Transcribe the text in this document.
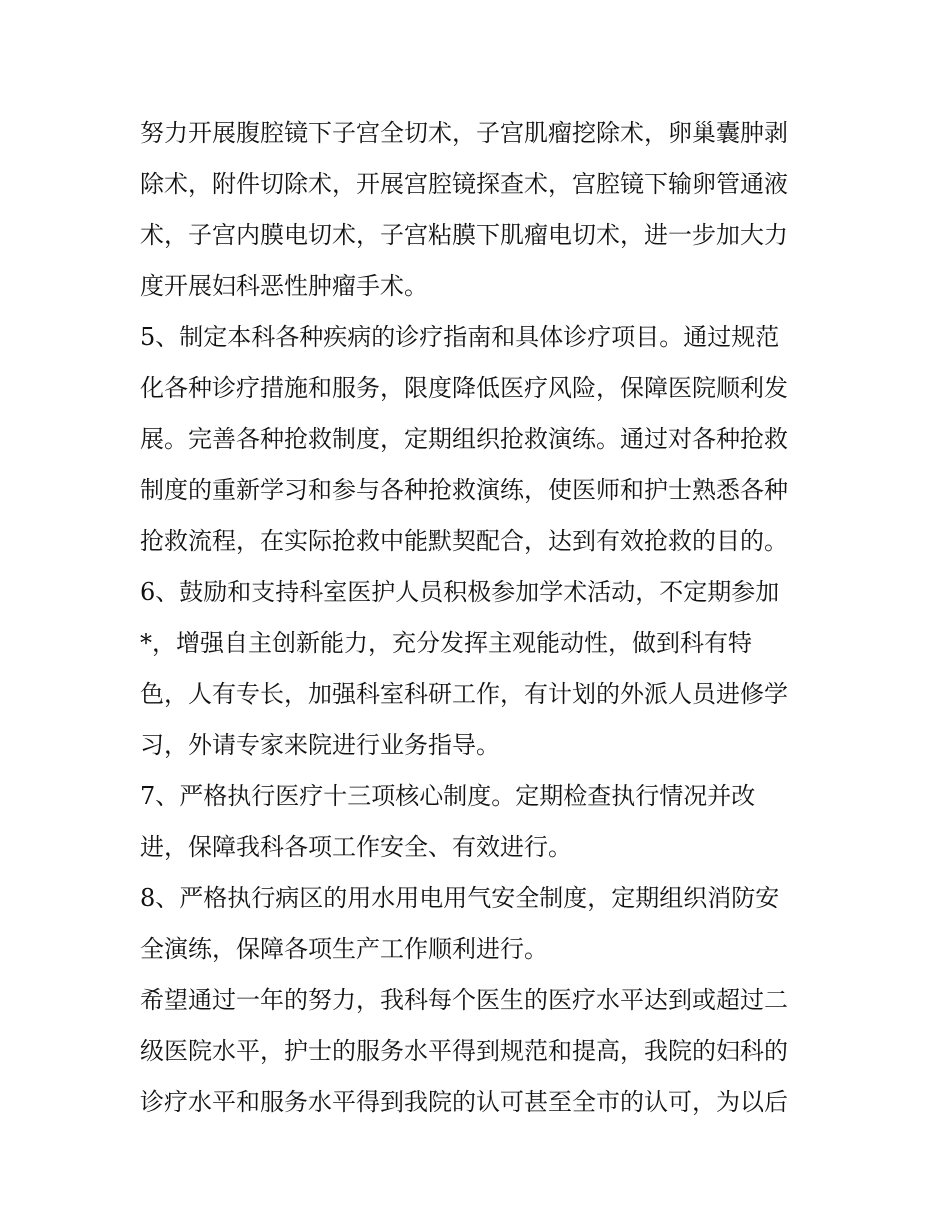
努力开展腹腔镜下子宫全切术，子宫肌瘤挖除术，卵巢囊肿剥
除术，附件切除术，开展宫腔镜探查术，宫腔镜下输卵管通液
术，子宫内膜电切术，子宫粘膜下肌瘤电切术，进一步加大力
度开展妇科恶性肿瘤手术。
5、制定本科各种疾病的诊疗指南和具体诊疗项目。通过规范
化各种诊疗措施和服务，限度降低医疗风险，保障医院顺利发
展。完善各种抢救制度，定期组织抢救演练。通过对各种抢救
制度的重新学习和参与各种抢救演练，使医师和护士熟悉各种
抢救流程，在实际抢救中能默契配合，达到有效抢救的目的。
6、鼓励和支持科室医护人员积极参加学术活动，不定期参加
*，增强自主创新能力，充分发挥主观能动性，做到科有特
色，人有专长，加强科室科研工作，有计划的外派人员进修学
习，外请专家来院进行业务指导。
7、严格执行医疗十三项核心制度。定期检查执行情况并改
进，保障我科各项工作安全、有效进行。
8、严格执行病区的用水用电用气安全制度，定期组织消防安
全演练，保障各项生产工作顺利进行。
希望通过一年的努力，我科每个医生的医疗水平达到或超过二
级医院水平，护士的服务水平得到规范和提高，我院的妇科的
诊疗水平和服务水平得到我院的认可甚至全市的认可，为以后
